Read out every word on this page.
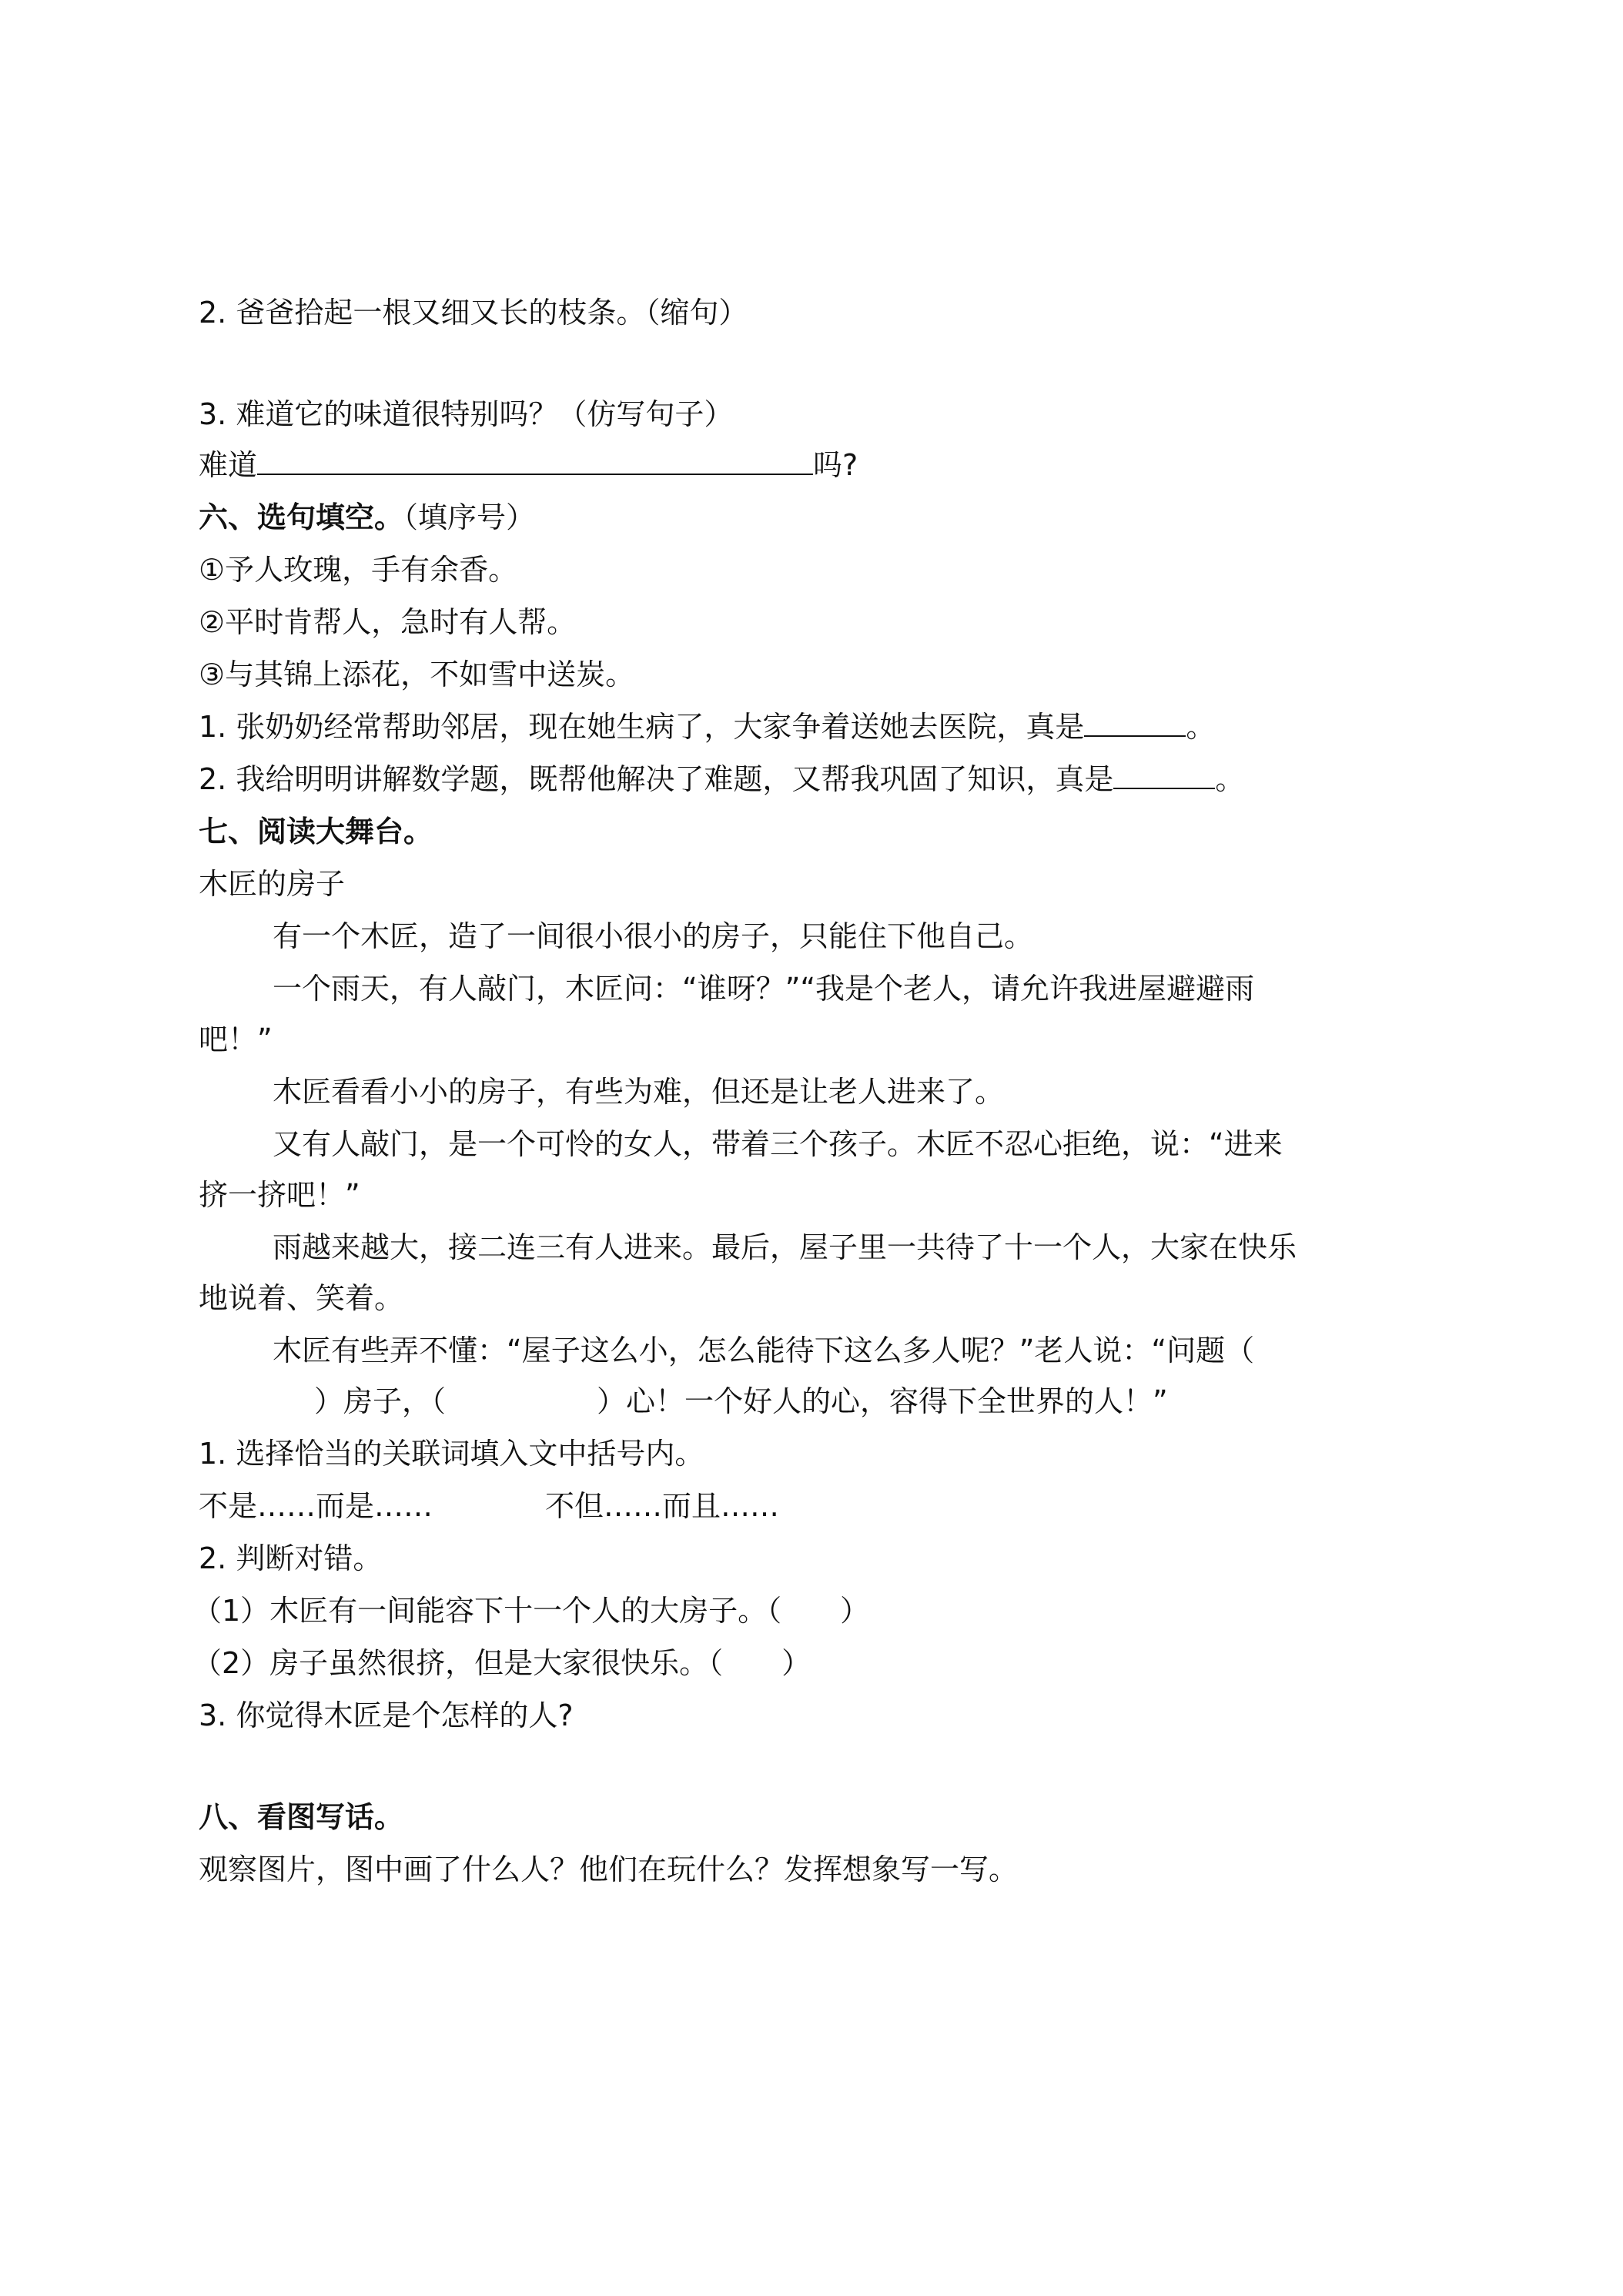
2. 爸爸拾起一根又细又长的枝条。（缩句）
3. 难道它的味道很特别吗？（仿写句子）
难道	吗?
六、选句填空。（填序号）
①予人玫瑰，手有余香。
②平时肯帮人，急时有人帮。
③与其锦上添花，不如雪中送炭。
1. 张奶奶经常帮助邻居，现在她生病了，大家争着送她去医院，真是	。
2. 我给明明讲解数学题，既帮他解决了难题，又帮我巩固了知识，真是	。
七、阅读大舞台。
木匠的房子
有一个木匠，造了一间很小很小的房子，只能住下他自己。
一个雨天，有人敲门，木匠问：“谁呀？”“我是个老人，请允许我进屋避避雨
吧！”
木匠看看小小的房子，有些为难，但还是让老人进来了。
又有人敲门，是一个可怜的女人，带着三个孩子。木匠不忍心拒绝，说：“进来
挤一挤吧！”
雨越来越大，接二连三有人进来。最后，屋子里一共待了十一个人，大家在快乐
地说着、笑着。
木匠有些弄不懂：“屋子这么小，怎么能待下这么多人呢？”老人说：“问题（
）房子，（	）心！一个好人的心，容得下全世界的人！”
1. 选择恰当的关联词填入文中括号内。
不是……而是……	不但……而且……
2. 判断对错。
（1）木匠有一间能容下十一个人的大房子。（　　）
（2）房子虽然很挤，但是大家很快乐。（　　）
3. 你觉得木匠是个怎样的人?
八、看图写话。
观察图片，图中画了什么人？他们在玩什么？发挥想象写一写。
